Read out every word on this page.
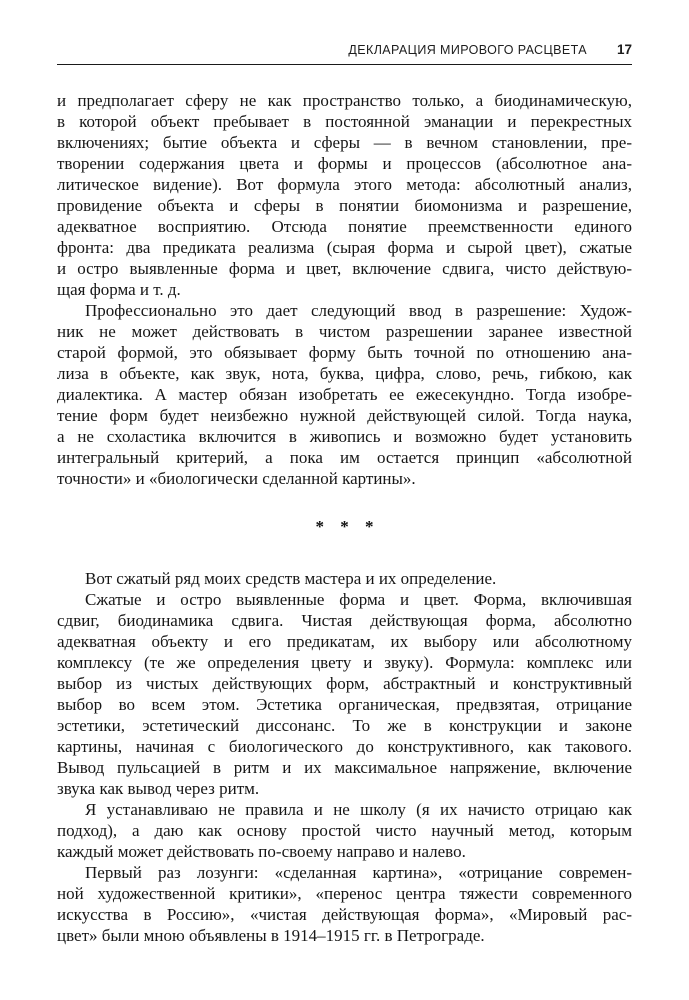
ДЕКЛАРАЦИЯ МИРОВОГО РАСЦВЕТА 17
и предполагает сферу не как пространство только, а биодинамическую,
в которой объект пребывает в постоянной эманации и перекрестных
включениях; бытие объекта и сферы — в вечном становлении, пре-
творении содержания цвета и формы и процессов (абсолютное ана-
литическое видение). Вот формула этого метода: абсолютный анализ,
провидение объекта и сферы в понятии биомонизма и разрешение,
адекватное восприятию. Отсюда понятие преемственности единого
фронта: два предиката реализма (сырая форма и сырой цвет), сжатые
и остро выявленные форма и цвет, включение сдвига, чисто действую-
щая форма и т. д.
Профессионально это дает следующий ввод в разрешение: Худож-
ник не может действовать в чистом разрешении заранее известной
старой формой, это обязывает форму быть точной по отношению ана-
лиза в объекте, как звук, нота, буква, цифра, слово, речь, гибкою, как
диалектика. А мастер обязан изобретать ее ежесекундно. Тогда изобре-
тение форм будет неизбежно нужной действующей силой. Тогда наука,
а не схоластика включится в живопись и возможно будет установить
интегральный критерий, а пока им остается принцип «абсолютной
точности» и «биологически сделанной картины».
* * *
Вот сжатый ряд моих средств мастера и их определение.
Сжатые и остро выявленные форма и цвет. Форма, включившая
сдвиг, биодинамика сдвига. Чистая действующая форма, абсолютно
адекватная объекту и его предикатам, их выбору или абсолютному
комплексу (те же определения цвету и звуку). Формула: комплекс или
выбор из чистых действующих форм, абстрактный и конструктивный
выбор во всем этом. Эстетика органическая, предвзятая, отрицание
эстетики, эстетический диссонанс. То же в конструкции и законе
картины, начиная с биологического до конструктивного, как такового.
Вывод пульсацией в ритм и их максимальное напряжение, включение
звука как вывод через ритм.
Я устанавливаю не правила и не школу (я их начисто отрицаю как
подход), а даю как основу простой чисто научный метод, которым
каждый может действовать по-своему направо и налево.
Первый раз лозунги: «сделанная картина», «отрицание современ-
ной художественной критики», «перенос центра тяжести современного
искусства в Россию», «чистая действующая форма», «Мировый рас-
цвет» были мною объявлены в 1914–1915 гг. в Петрограде.
